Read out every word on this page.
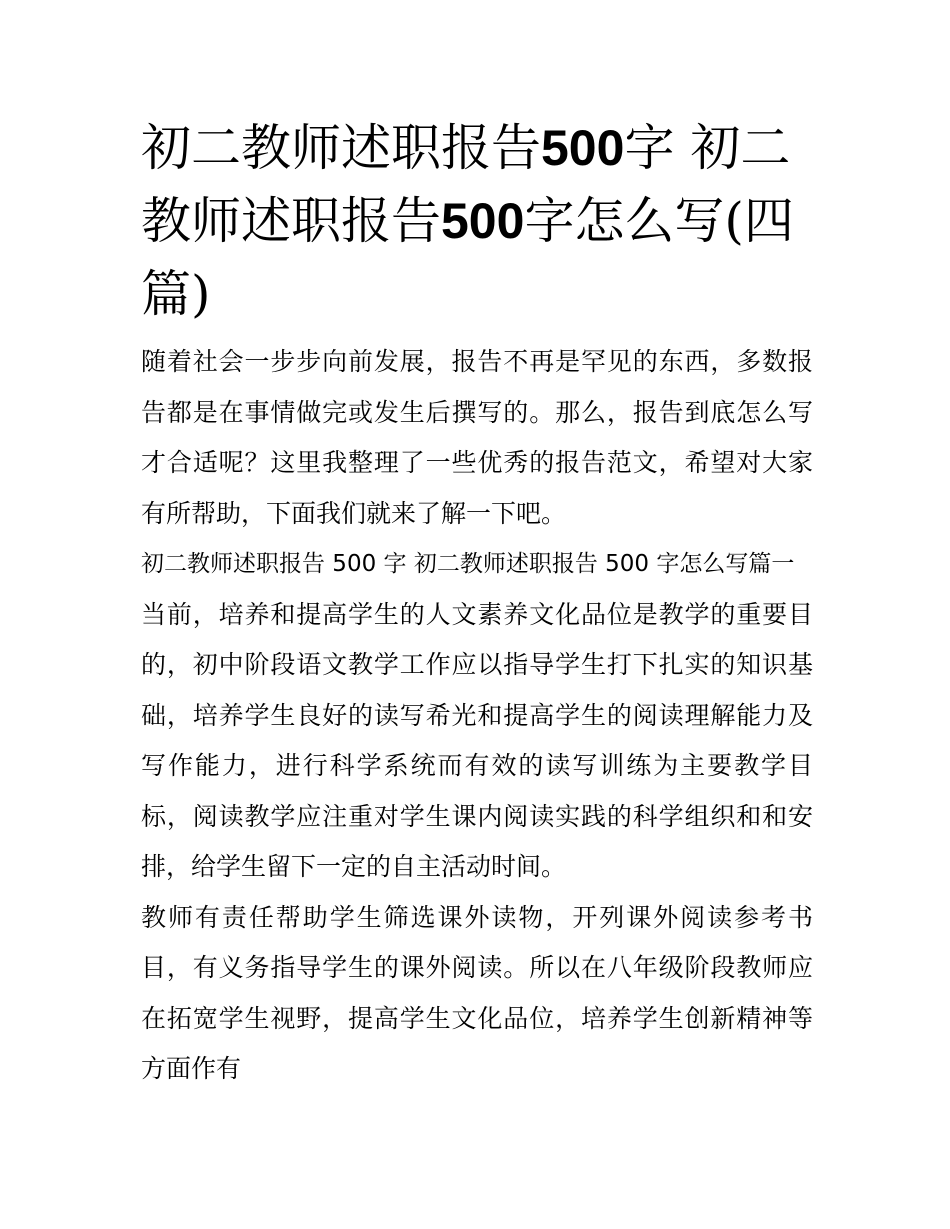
初二教师述职报告500字 初二教师述职报告500字怎么写(四篇)

随着社会一步步向前发展，报告不再是罕见的东西，多数报告都是在事情做完或发生后撰写的。那么，报告到底怎么写才合适呢？这里我整理了一些优秀的报告范文，希望对大家有所帮助，下面我们就来了解一下吧。

初二教师述职报告 500 字 初二教师述职报告 500 字怎么写篇一

当前，培养和提高学生的人文素养文化品位是教学的重要目的，初中阶段语文教学工作应以指导学生打下扎实的知识基础，培养学生良好的读写希光和提高学生的阅读理解能力及写作能力，进行科学系统而有效的读写训练为主要教学目标，阅读教学应注重对学生课内阅读实践的科学组织和和安排，给学生留下一定的自主活动时间。

教师有责任帮助学生筛选课外读物，开列课外阅读参考书目，有义务指导学生的课外阅读。所以在八年级阶段教师应在拓宽学生视野，提高学生文化品位，培养学生创新精神等方面作有
